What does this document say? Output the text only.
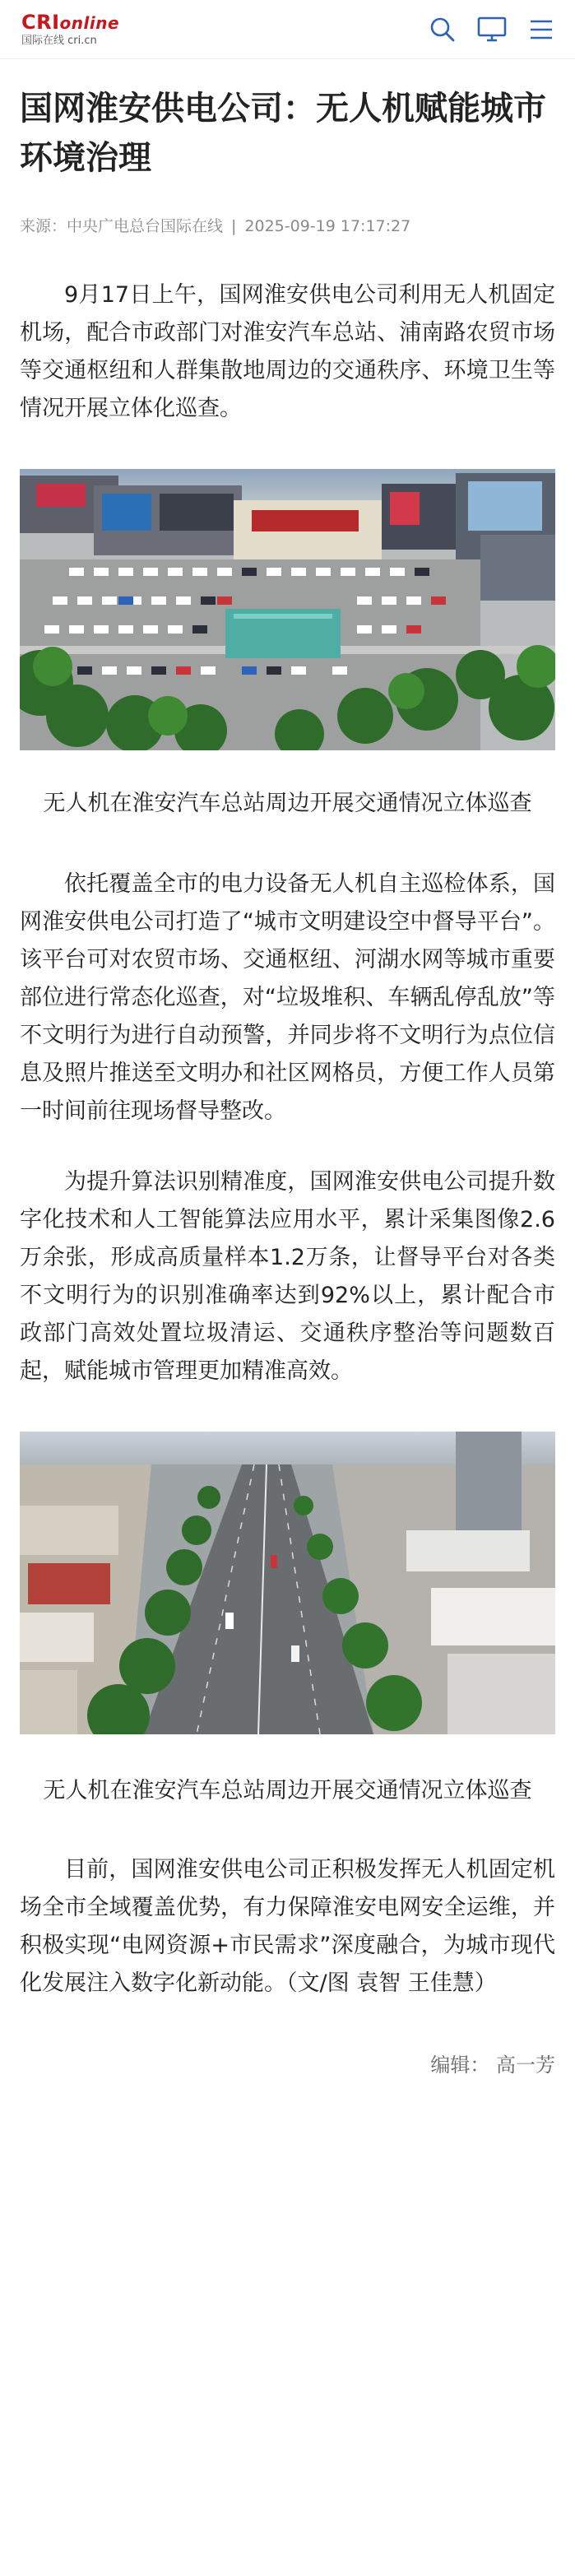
CRIonline
国际在线 cri.cn
国网淮安供电公司：无人机赋能城市环境治理
来源：中央广电总台国际在线 | 2025-09-19 17:17:27

9月17日上午，国网淮安供电公司利用无人机固定机场，配合市政部门对淮安汽车总站、浦南路农贸市场等交通枢纽和人群集散地周边的交通秩序、环境卫生等情况开展立体化巡查。

无人机在淮安汽车总站周边开展交通情况立体巡查

依托覆盖全市的电力设备无人机自主巡检体系，国网淮安供电公司打造了“城市文明建设空中督导平台”。该平台可对农贸市场、交通枢纽、河湖水网等城市重要部位进行常态化巡查，对“垃圾堆积、车辆乱停乱放”等不文明行为进行自动预警，并同步将不文明行为点位信息及照片推送至文明办和社区网格员，方便工作人员第一时间前往现场督导整改。

为提升算法识别精准度，国网淮安供电公司提升数字化技术和人工智能算法应用水平，累计采集图像2.6万余张，形成高质量样本1.2万条，让督导平台对各类不文明行为的识别准确率达到92%以上，累计配合市政部门高效处置垃圾清运、交通秩序整治等问题数百起，赋能城市管理更加精准高效。

无人机在淮安汽车总站周边开展交通情况立体巡查

目前，国网淮安供电公司正积极发挥无人机固定机场全市全域覆盖优势，有力保障淮安电网安全运维，并积极实现“电网资源+市民需求”深度融合，为城市现代化发展注入数字化新动能。（文/图 袁智 王佳慧）

编辑： 高一芳
